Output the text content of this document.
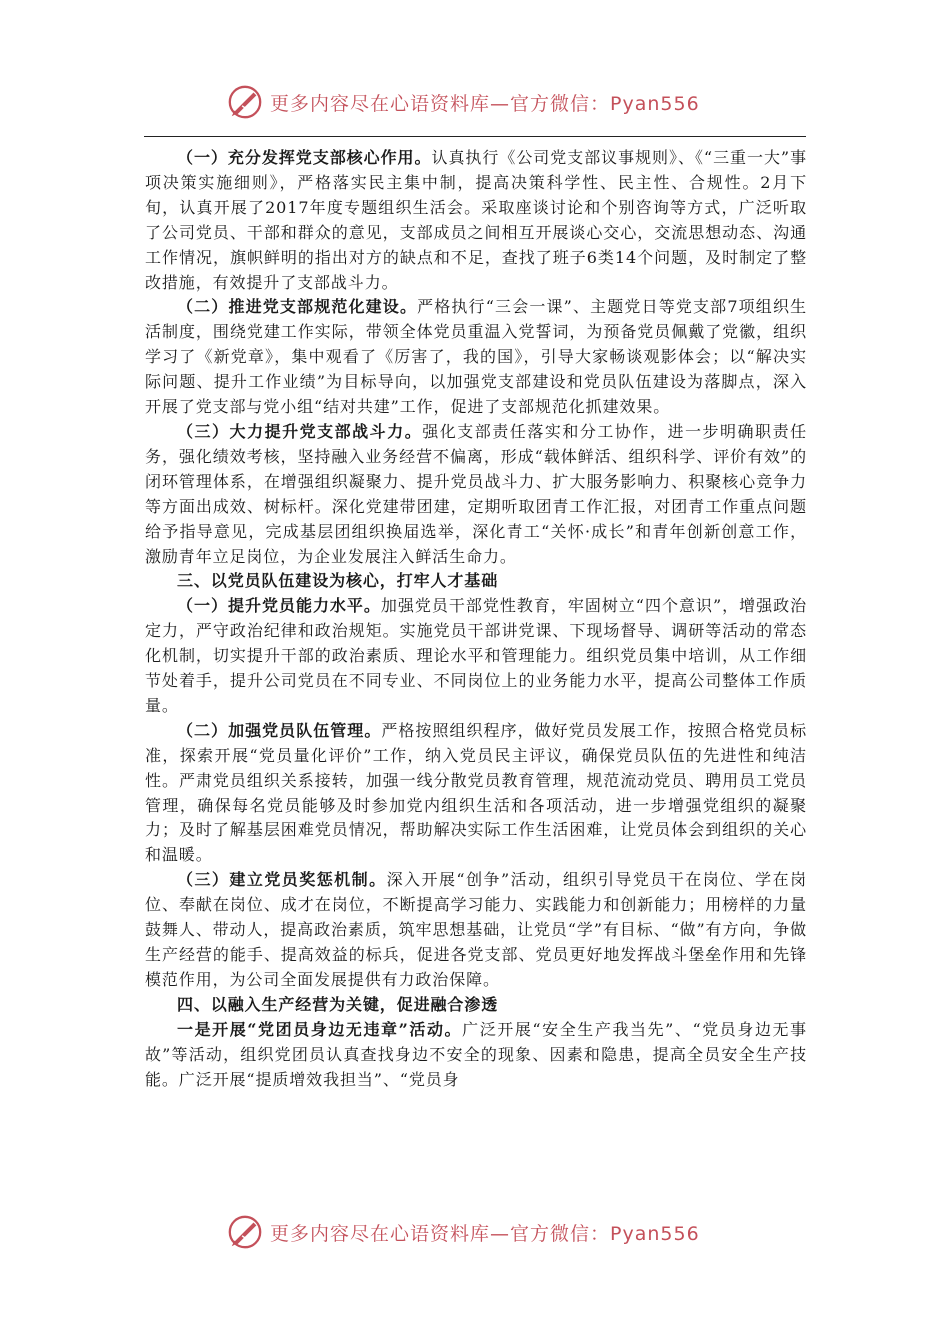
更多内容尽在心语资料库—官方微信：Pyan556

（一）充分发挥党支部核心作用。认真执行《公司党支部议事规则》、《“三重一大”事项决策实施细则》，严格落实民主集中制，提高决策科学性、民主性、合规性。2月下旬，认真开展了2017年度专题组织生活会。采取座谈讨论和个别咨询等方式，广泛听取了公司党员、干部和群众的意见，支部成员之间相互开展谈心交心，交流思想动态、沟通工作情况，旗帜鲜明的指出对方的缺点和不足，查找了班子6类14个问题，及时制定了整改措施，有效提升了支部战斗力。

（二）推进党支部规范化建设。严格执行“三会一课”、主题党日等党支部7项组织生活制度，围绕党建工作实际，带领全体党员重温入党誓词，为预备党员佩戴了党徽，组织学习了《新党章》，集中观看了《厉害了，我的国》，引导大家畅谈观影体会；以“解决实际问题、提升工作业绩”为目标导向，以加强党支部建设和党员队伍建设为落脚点，深入开展了党支部与党小组“结对共建”工作，促进了支部规范化抓建效果。

（三）大力提升党支部战斗力。强化支部责任落实和分工协作，进一步明确职责任务，强化绩效考核，坚持融入业务经营不偏离，形成“载体鲜活、组织科学、评价有效”的闭环管理体系，在增强组织凝聚力、提升党员战斗力、扩大服务影响力、积聚核心竞争力等方面出成效、树标杆。深化党建带团建，定期听取团青工作汇报，对团青工作重点问题给予指导意见，完成基层团组织换届选举，深化青工“关怀·成长”和青年创新创意工作，激励青年立足岗位，为企业发展注入鲜活生命力。

三、以党员队伍建设为核心，打牢人才基础

（一）提升党员能力水平。加强党员干部党性教育，牢固树立“四个意识”，增强政治定力，严守政治纪律和政治规矩。实施党员干部讲党课、下现场督导、调研等活动的常态化机制，切实提升干部的政治素质、理论水平和管理能力。组织党员集中培训，从工作细节处着手，提升公司党员在不同专业、不同岗位上的业务能力水平，提高公司整体工作质量。

（二）加强党员队伍管理。严格按照组织程序，做好党员发展工作，按照合格党员标准，探索开展“党员量化评价”工作，纳入党员民主评议，确保党员队伍的先进性和纯洁性。严肃党员组织关系接转，加强一线分散党员教育管理，规范流动党员、聘用员工党员管理，确保每名党员能够及时参加党内组织生活和各项活动，进一步增强党组织的凝聚力；及时了解基层困难党员情况，帮助解决实际工作生活困难，让党员体会到组织的关心和温暖。

（三）建立党员奖惩机制。深入开展“创争”活动，组织引导党员干在岗位、学在岗位、奉献在岗位、成才在岗位，不断提高学习能力、实践能力和创新能力；用榜样的力量鼓舞人、带动人，提高政治素质，筑牢思想基础，让党员“学”有目标、“做”有方向，争做生产经营的能手、提高效益的标兵，促进各党支部、党员更好地发挥战斗堡垒作用和先锋模范作用，为公司全面发展提供有力政治保障。

四、以融入生产经营为关键，促进融合渗透

一是开展“党团员身边无违章”活动。广泛开展“安全生产我当先”、“党员身边无事故”等活动，组织党团员认真查找身边不安全的现象、因素和隐患，提高全员安全生产技能。广泛开展“提质增效我担当”、“党员身

更多内容尽在心语资料库—官方微信：Pyan556
